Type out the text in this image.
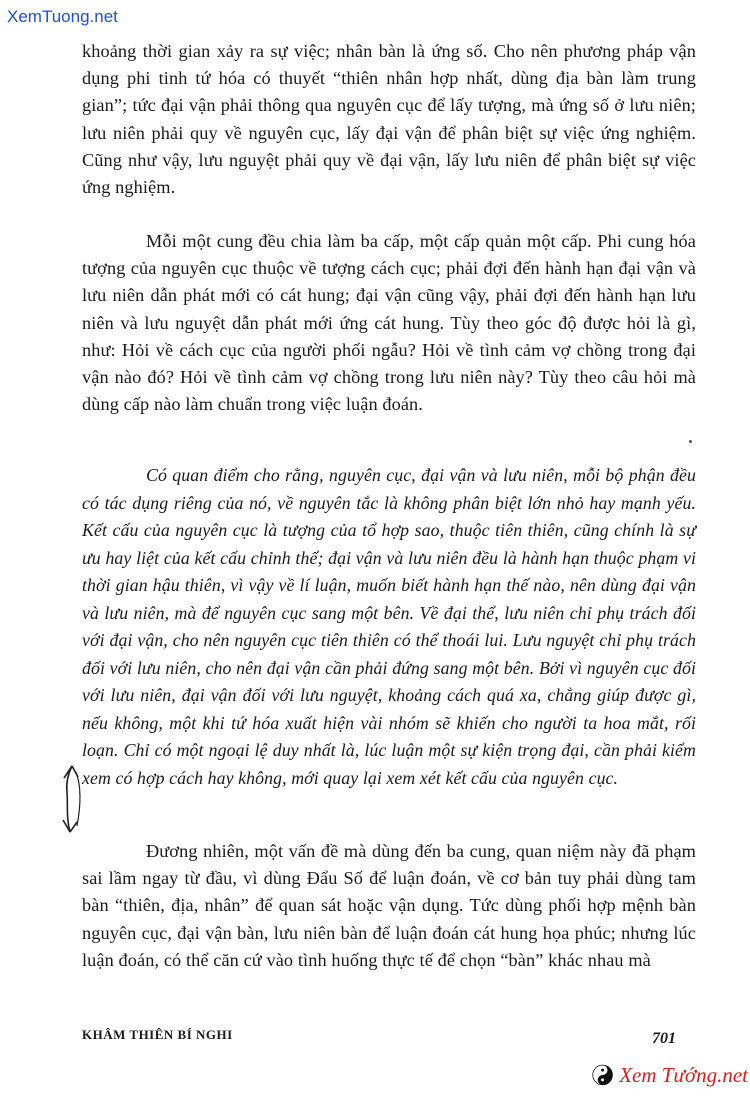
XemTuong.net

khoảng thời gian xảy ra sự việc; nhân bàn là ứng số. Cho nên phương pháp vận dụng phi tinh tứ hóa có thuyết “thiên nhân hợp nhất, dùng địa bàn làm trung gian”; tức đại vận phải thông qua nguyên cục để lấy tượng, mà ứng số ở lưu niên; lưu niên phải quy về nguyên cục, lấy đại vận để phân biệt sự việc ứng nghiệm. Cũng như vậy, lưu nguyệt phải quy về đại vận, lấy lưu niên để phân biệt sự việc ứng nghiệm.

Mỗi một cung đều chia làm ba cấp, một cấp quản một cấp. Phi cung hóa tượng của nguyên cục thuộc về tượng cách cục; phải đợi đến hành hạn đại vận và lưu niên dẫn phát mới có cát hung; đại vận cũng vậy, phải đợi đến hành hạn lưu niên và lưu nguyệt dẫn phát mới ứng cát hung. Tùy theo góc độ được hỏi là gì, như: Hỏi về cách cục của người phối ngẫu? Hỏi về tình cảm vợ chồng trong đại vận nào đó? Hỏi về tình cảm vợ chồng trong lưu niên này? Tùy theo câu hỏi mà dùng cấp nào làm chuẩn trong việc luận đoán.

Có quan điểm cho rằng, nguyên cục, đại vận và lưu niên, mỗi bộ phận đều có tác dụng riêng của nó, về nguyên tắc là không phân biệt lớn nhỏ hay mạnh yếu. Kết cấu của nguyên cục là tượng của tổ hợp sao, thuộc tiên thiên, cũng chính là sự ưu hay liệt của kết cấu chỉnh thể; đại vận và lưu niên đều là hành hạn thuộc phạm vi thời gian hậu thiên, vì vậy về lí luận, muốn biết hành hạn thế nào, nên dùng đại vận và lưu niên, mà để nguyên cục sang một bên. Về đại thể, lưu niên chỉ phụ trách đối với đại vận, cho nên nguyên cục tiên thiên có thể thoái lui. Lưu nguyệt chỉ phụ trách đối với lưu niên, cho nên đại vận cần phải đứng sang một bên. Bởi vì nguyên cục đối với lưu niên, đại vận đối với lưu nguyệt, khoảng cách quá xa, chẳng giúp được gì, nếu không, một khi tứ hóa xuất hiện vài nhóm sẽ khiến cho người ta hoa mắt, rối loạn. Chỉ có một ngoại lệ duy nhất là, lúc luận một sự kiện trọng đại, cần phải kiểm xem có hợp cách hay không, mới quay lại xem xét kết cấu của nguyên cục.

Đương nhiên, một vấn đề mà dùng đến ba cung, quan niệm này đã phạm sai lầm ngay từ đầu, vì dùng Đẩu Số để luận đoán, về cơ bản tuy phải dùng tam bàn “thiên, địa, nhân” để quan sát hoặc vận dụng. Tức dùng phối hợp mệnh bàn nguyên cục, đại vận bàn, lưu niên bàn để luận đoán cát hung họa phúc; nhưng lúc luận đoán, có thể căn cứ vào tình huống thực tế để chọn “bàn” khác nhau mà

KHÂM THIÊN BÍ NGHI	701
Xem Tướng.net
